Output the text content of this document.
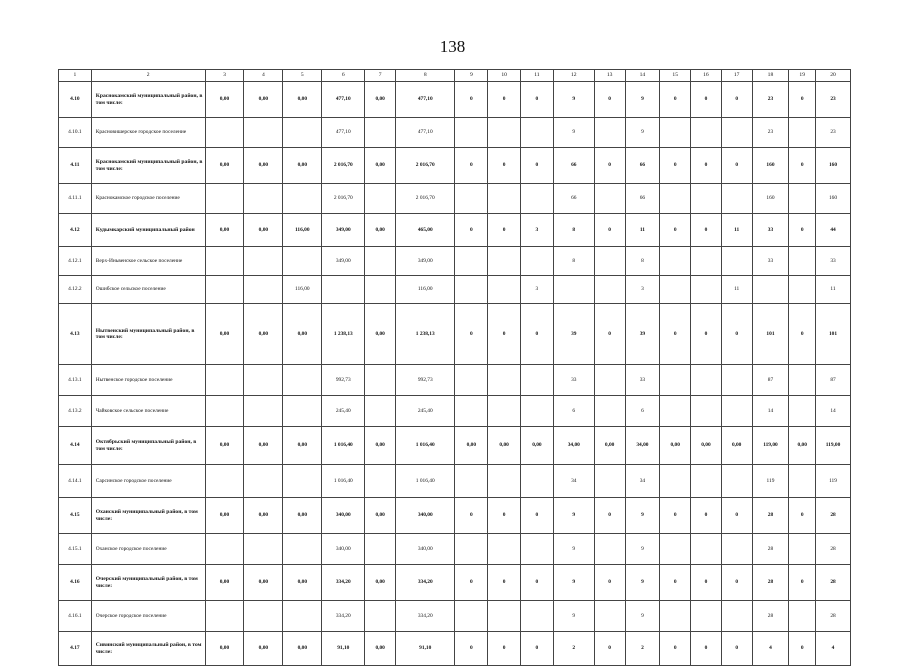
138
1	2	3	4	5	6	7	8	9	10	11	12	13	14	15	16	17	18	19	20
4.10	Краснокамский муниципальный район, в том числе:	0,00	0,00	0,00	477,10	0,00	477,10	0	0	0	9	0	9	0	0	0	23	0	23
4.10.1	Красновишерское городское поселение				477,10		477,10				9		9				23		23
4.11	Краснокамский муниципальный район, в том числе:	0,00	0,00	0,00	2 016,70	0,00	2 016,70	0	0	0	66	0	66	0	0	0	160	0	160
4.11.1	Краснокамское городское поселение				2 016,70		2 016,70				66		66				160		160
4.12	Кудымкарский муниципальный район	0,00	0,00	116,00	349,00	0,00	465,00	0	0	3	8	0	11	0	0	11	33	0	44
4.12.1	Верх-Иньвенское сельское поселение				349,00		349,00				8		8				33		33
4.12.2	Ошибское сельское поселение			116,00			116,00			3			3			11			11
4.13	Нытвенский муниципальный район, в том числе:	0,00	0,00	0,00	1 238,13	0,00	1 238,13	0	0	0	39	0	39	0	0	0	101	0	101
4.13.1	Нытвенское городское поселение				992,73		992,73				33		33				87		87
4.13.2	Чайковское сельское поселение				245,40		245,40				6		6				14		14
4.14	Октябрьский муниципальный район, в том числе:	0,00	0,00	0,00	1 016,40	0,00	1 016,40	0,00	0,00	0,00	34,00	0,00	34,00	0,00	0,00	0,00	119,00	0,00	119,00
4.14.1	Сарсинское городское поселение				1 016,40		1 016,40				34		34				119		119
4.15	Оханский муниципальный район, в том числе:	0,00	0,00	0,00	340,00	0,00	340,00	0	0	0	9	0	9	0	0	0	28	0	28
4.15.1	Оханское городское поселение				340,00		340,00				9		9				28		28
4.16	Очерский муниципальный район, в том числе:	0,00	0,00	0,00	334,20	0,00	334,20	0	0	0	9	0	9	0	0	0	28	0	28
4.16.1	Очерское городское поселение				334,20		334,20				9		9				28		28
4.17	Сивинский муниципальный район, в том числе:	0,00	0,00	0,00	91,10	0,00	91,10	0	0	0	2	0	2	0	0	0	4	0	4
